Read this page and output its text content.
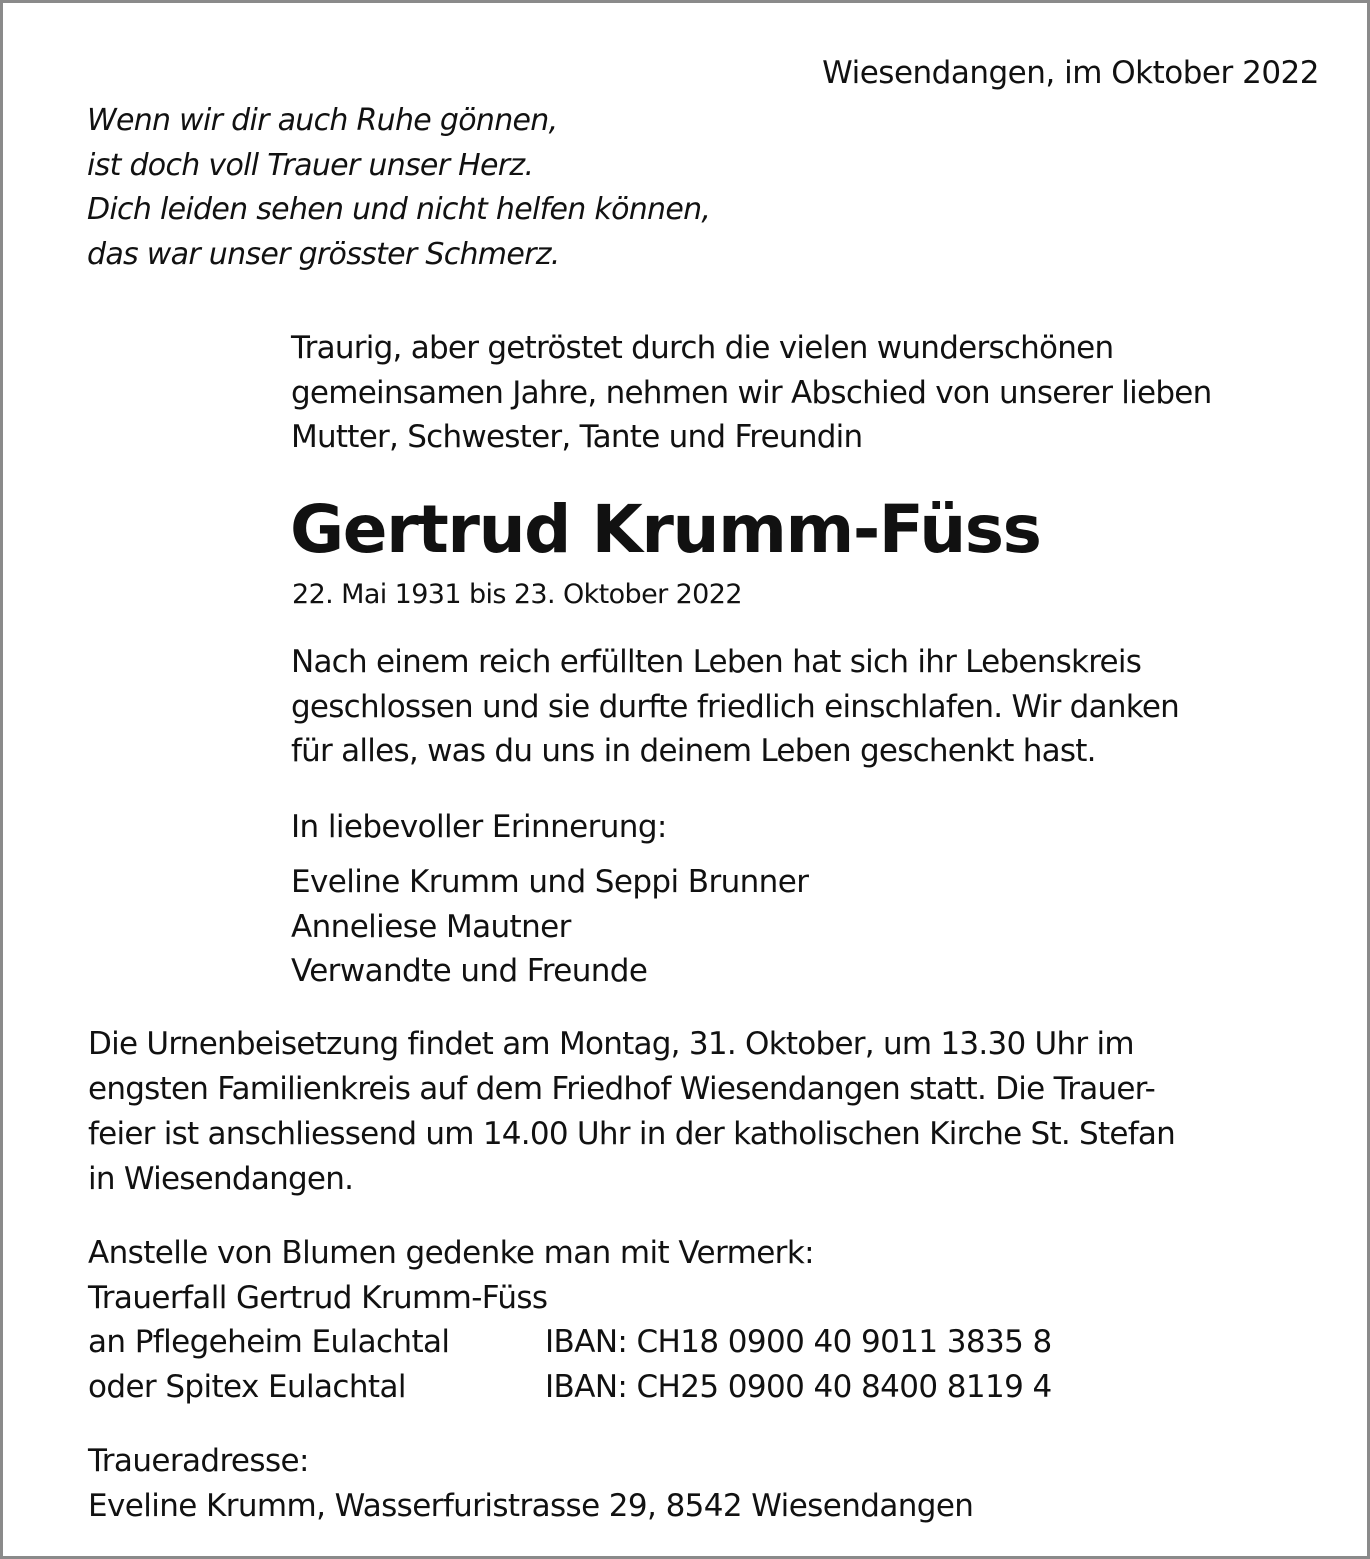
Wiesendangen, im Oktober 2022
Wenn wir dir auch Ruhe gönnen,
ist doch voll Trauer unser Herz.
Dich leiden sehen und nicht helfen können,
das war unser grösster Schmerz.
Traurig, aber getröstet durch die vielen wunderschönen
gemeinsamen Jahre, nehmen wir Abschied von unserer lieben
Mutter, Schwester, Tante und Freundin
Gertrud Krumm-Füss
22. Mai 1931 bis 23. Oktober 2022
Nach einem reich erfüllten Leben hat sich ihr Lebenskreis
geschlossen und sie durfte friedlich einschlafen. Wir danken
für alles, was du uns in deinem Leben geschenkt hast.
In liebevoller Erinnerung:
Eveline Krumm und Seppi Brunner
Anneliese Mautner
Verwandte und Freunde
Die Urnenbeisetzung findet am Montag, 31. Oktober, um 13.30 Uhr im
engsten Familienkreis auf dem Friedhof Wiesendangen statt. Die Trauer-
feier ist anschliessend um 14.00 Uhr in der katholischen Kirche St. Stefan
in Wiesendangen.
Anstelle von Blumen gedenke man mit Vermerk:
Trauerfall Gertrud Krumm-Füss
an Pflegeheim Eulachtal	IBAN: CH18 0900 40 9011 3835 8
oder Spitex Eulachtal	IBAN: CH25 0900 40 8400 8119 4
Traueradresse:
Eveline Krumm, Wasserfuristrasse 29, 8542 Wiesendangen
